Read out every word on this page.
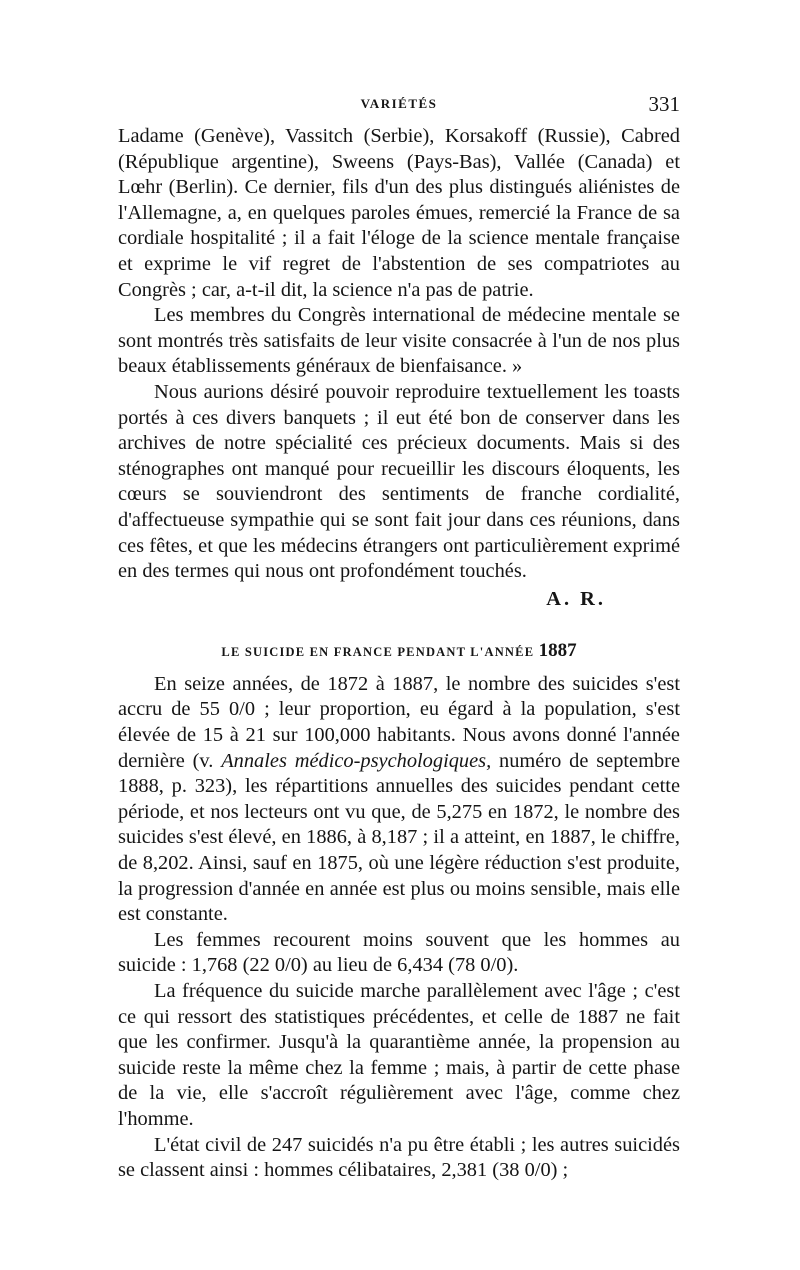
VARIÉTÉS	331

Ladame (Genève), Vassitch (Serbie), Korsakoff (Russie), Cabred (République argentine), Sweens (Pays-Bas), Vallée (Canada) et Lœhr (Berlin). Ce dernier, fils d'un des plus distingués aliénistes de l'Allemagne, a, en quelques paroles émues, remercié la France de sa cordiale hospitalité ; il a fait l'éloge de la science mentale française et exprime le vif regret de l'abstention de ses compatriotes au Congrès ; car, a-t-il dit, la science n'a pas de patrie.

Les membres du Congrès international de médecine mentale se sont montrés très satisfaits de leur visite consacrée à l'un de nos plus beaux établissements généraux de bienfaisance. »

Nous aurions désiré pouvoir reproduire textuellement les toasts portés à ces divers banquets ; il eut été bon de conserver dans les archives de notre spécialité ces précieux documents. Mais si des sténographes ont manqué pour recueillir les discours éloquents, les cœurs se souviendront des sentiments de franche cordialité, d'affectueuse sympathie qui se sont fait jour dans ces réunions, dans ces fêtes, et que les médecins étrangers ont particulièrement exprimé en des termes qui nous ont profondément touchés.

A. R.

LE SUICIDE EN FRANCE PENDANT L'ANNÉE 1887

En seize années, de 1872 à 1887, le nombre des suicides s'est accru de 55 0/0 ; leur proportion, eu égard à la population, s'est élevée de 15 à 21 sur 100,000 habitants. Nous avons donné l'année dernière (v. Annales médico-psychologiques, numéro de septembre 1888, p. 323), les répartitions annuelles des suicides pendant cette période, et nos lecteurs ont vu que, de 5,275 en 1872, le nombre des suicides s'est élevé, en 1886, à 8,187 ; il a atteint, en 1887, le chiffre, de 8,202. Ainsi, sauf en 1875, où une légère réduction s'est produite, la progression d'année en année est plus ou moins sensible, mais elle est constante.

Les femmes recourent moins souvent que les hommes au suicide : 1,768 (22 0/0) au lieu de 6,434 (78 0/0).

La fréquence du suicide marche parallèlement avec l'âge ; c'est ce qui ressort des statistiques précédentes, et celle de 1887 ne fait que les confirmer. Jusqu'à la quarantième année, la propension au suicide reste la même chez la femme ; mais, à partir de cette phase de la vie, elle s'accroît régulièrement avec l'âge, comme chez l'homme.

L'état civil de 247 suicidés n'a pu être établi ; les autres suicidés se classent ainsi : hommes célibataires, 2,381 (38 0/0) ;
